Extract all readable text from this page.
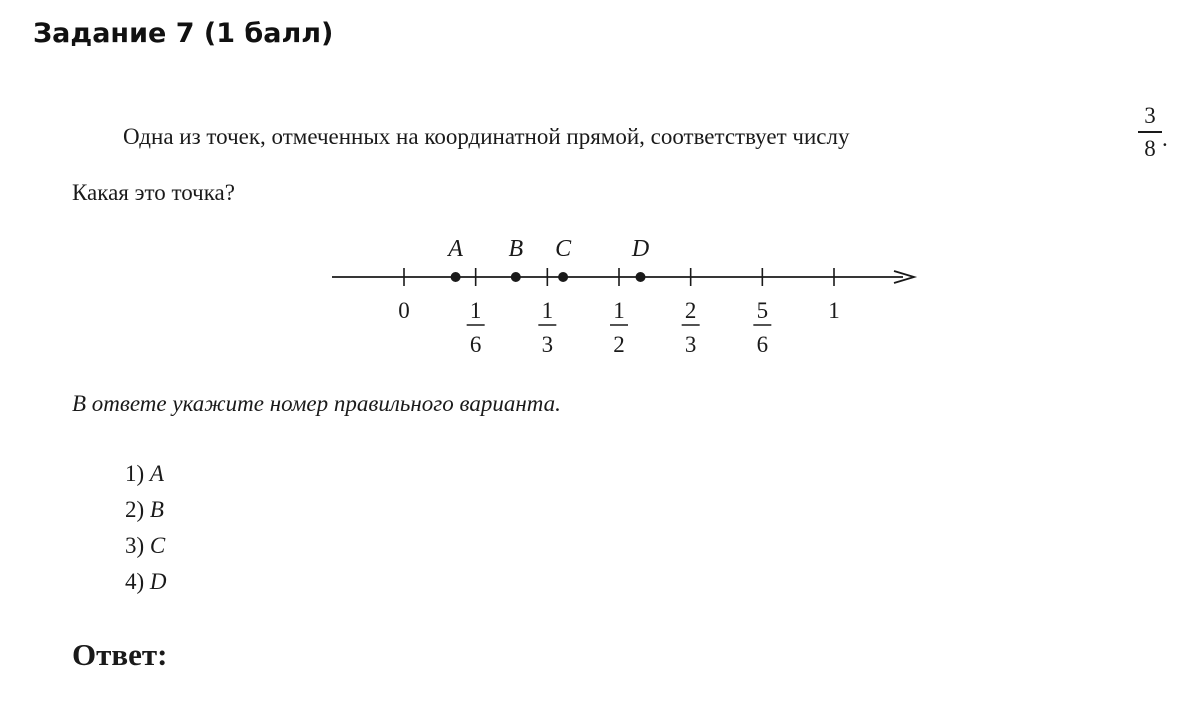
Задание 7 (1 балл)
Одна из точек, отмеченных на координатной прямой, соответствует числу
3
8 .
Какая это точка?
0	1
6
1
3
1
2
2
3
5
6
1
A B C	D
В ответе укажите номер правильного варианта.
1) A
2) B
3) C
4) D
Ответ:
